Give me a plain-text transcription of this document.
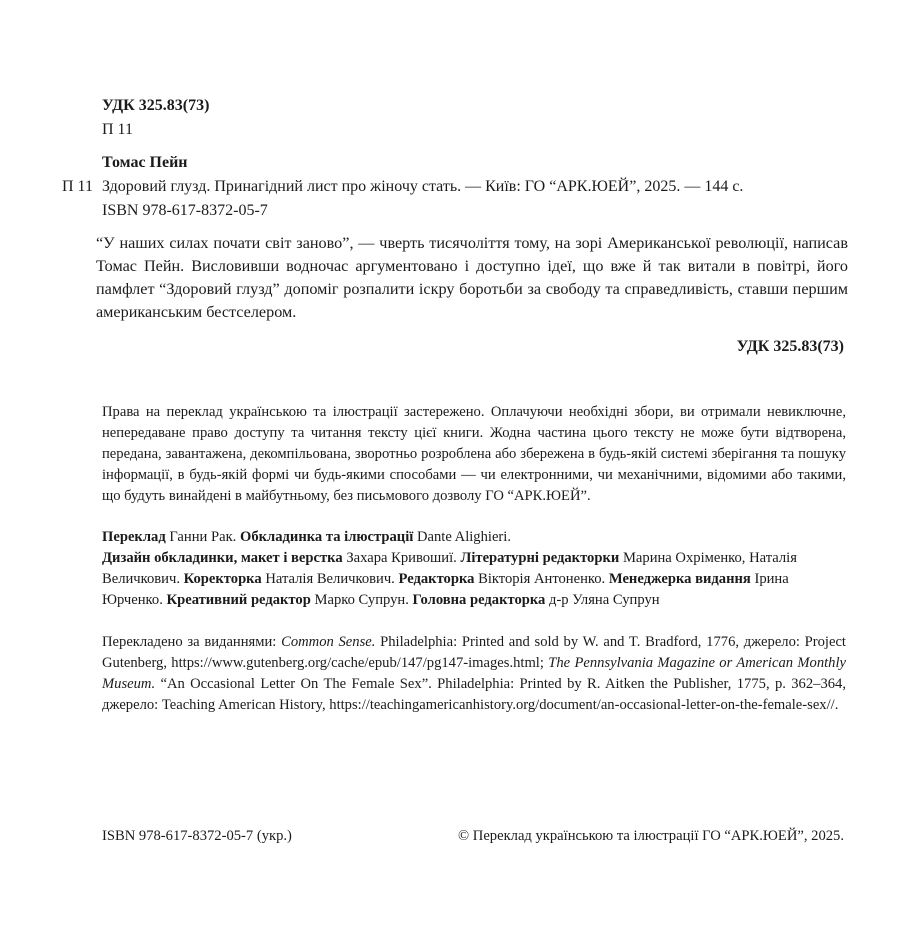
УДК 325.83(73)
П 11
Томас Пейн
П 11 Здоровий глузд. Принагідний лист про жіночу стать. — Київ: ГО “АРК.ЮЕЙ”, 2025. — 144 с.
ISBN 978-617-8372-05-7
“У наших силах почати світ заново”, — чверть тисячоліття тому, на зорі Американської революції, написав Томас Пейн. Висловивши водночас аргументовано і доступно ідеї, що вже й так витали в повітрі, його памфлет “Здоровий глузд” допоміг розпалити іскру боротьби за свободу та справедливість, ставши першим американським бестселером.
УДК 325.83(73)
Права на переклад українською та ілюстрації застережено. Оплачуючи необхідні збори, ви отримали невиключне, непередаване право доступу та читання тексту цієї книги. Жодна частина цього тексту не може бути відтворена, передана, завантажена, декомпільована, зворотньо розроблена або збережена в будь-якій системі зберігання та пошуку інформації, в будь-якій формі чи будь-якими способами — чи електронними, чи механічними, відомими або такими, що будуть винайдені в майбутньому, без письмового дозволу ГО “АРК.ЮЕЙ”.
Переклад Ганни Рак. Обкладинка та ілюстрації Dante Alighieri.
Дизайн обкладинки, макет і верстка Захара Кривошиї. Літературні редакторки Марина Охріменко, Наталія Величкович. Коректорка Наталія Величкович. Редакторка Вікторія Антоненко. Менеджерка видання Ірина Юрченко. Креативний редактор Марко Супрун. Головна редакторка д-р Уляна Супрун
Перекладено за виданнями: Common Sense. Philadelphia: Printed and sold by W. and T. Bradford, 1776, джерело: Project Gutenberg, https://www.gutenberg.org/cache/epub/147/pg147-images.html; The Pennsylvania Magazine or American Monthly Museum. “An Occasional Letter On The Female Sex”. Philadelphia: Printed by R. Aitken the Publisher, 1775, p. 362–364, джерело: Teaching American History, https://teachingamericanhistory.org/document/an-occasional-letter-on-the-female-sex//.
ISBN 978-617-8372-05-7 (укр.)	© Переклад українською та ілюстрації ГО “АРК.ЮЕЙ”, 2025.
